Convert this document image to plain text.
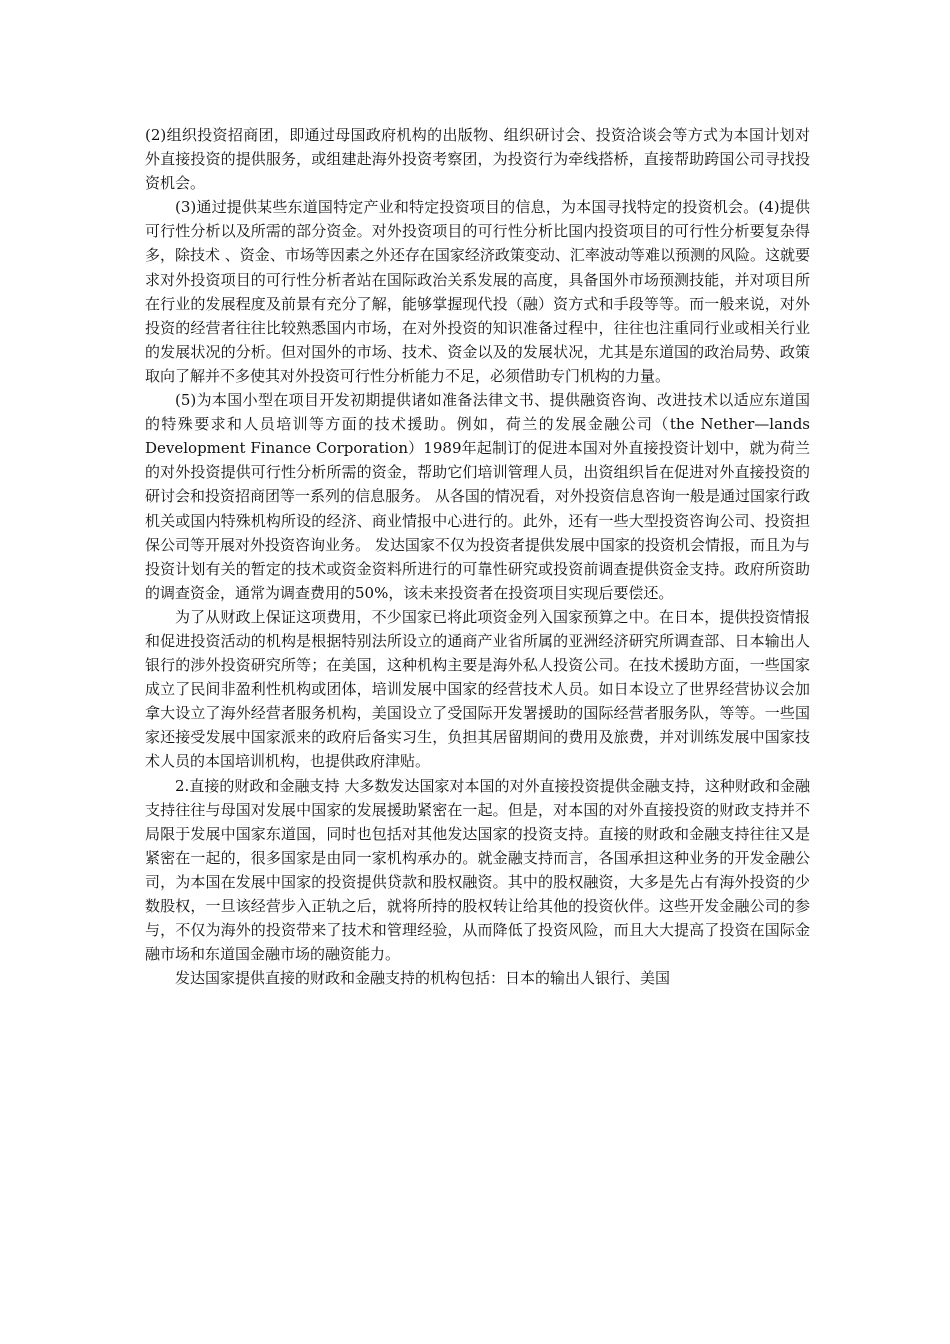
(2)组织投资招商团，即通过母国政府机构的出版物、组织研讨会、投资洽谈会等方式为本国计划对外直接投资的提供服务，或组建赴海外投资考察团，为投资行为牵线搭桥，直接帮助跨国公司寻找投资机会。

(3)通过提供某些东道国特定产业和特定投资项目的信息，为本国寻找特定的投资机会。(4)提供可行性分析以及所需的部分资金。对外投资项目的可行性分析比国内投资项目的可行性分析要复杂得多，除技术 、资金、市场等因素之外还存在国家经济政策变动、汇率波动等难以预测的风险。这就要求对外投资项目的可行性分析者站在国际政治关系发展的高度，具备国外市场预测技能，并对项目所在行业的发展程度及前景有充分了解，能够掌握现代投（融）资方式和手段等等。而一般来说，对外投资的经营者往往比较熟悉国内市场，在对外投资的知识准备过程中，往往也注重同行业或相关行业的发展状况的分析。但对国外的市场、技术、资金以及的发展状况，尤其是东道国的政治局势、政策取向了解并不多使其对外投资可行性分析能力不足，必须借助专门机构的力量。

(5)为本国小型在项目开发初期提供诸如准备法律文书、提供融资咨询、改进技术以适应东道国的特殊要求和人员培训等方面的技术援助。例如，荷兰的发展金融公司（the Nether—lands Development Finance Corporation）1989年起制订的促进本国对外直接投资计划中，就为荷兰的对外投资提供可行性分析所需的资金，帮助它们培训管理人员，出资组织旨在促进对外直接投资的研讨会和投资招商团等一系列的信息服务。 从各国的情况看，对外投资信息咨询一般是通过国家行政机关或国内特殊机构所设的经济、商业情报中心进行的。此外，还有一些大型投资咨询公司、投资担保公司等开展对外投资咨询业务。 发达国家不仅为投资者提供发展中国家的投资机会情报，而且为与投资计划有关的暂定的技术或资金资料所进行的可靠性研究或投资前调查提供资金支持。政府所资助的调查资金，通常为调查费用的50%，该未来投资者在投资项目实现后要偿还。

为了从财政上保证这项费用，不少国家已将此项资金列入国家预算之中。在日本，提供投资情报和促进投资活动的机构是根据特别法所设立的通商产业省所属的亚洲经济研究所调查部、日本输出人银行的涉外投资研究所等；在美国，这种机构主要是海外私人投资公司。在技术援助方面，一些国家成立了民间非盈利性机构或团体，培训发展中国家的经营技术人员。如日本设立了世界经营协议会加拿大设立了海外经营者服务机构，美国设立了受国际开发署援助的国际经营者服务队，等等。一些国家还接受发展中国家派来的政府后备实习生，负担其居留期间的费用及旅费，并对训练发展中国家技术人员的本国培训机构，也提供政府津贴。

2.直接的财政和金融支持 大多数发达国家对本国的对外直接投资提供金融支持，这种财政和金融支持往往与母国对发展中国家的发展援助紧密在一起。但是，对本国的对外直接投资的财政支持并不局限于发展中国家东道国，同时也包括对其他发达国家的投资支持。直接的财政和金融支持往往又是紧密在一起的，很多国家是由同一家机构承办的。就金融支持而言，各国承担这种业务的开发金融公司，为本国在发展中国家的投资提供贷款和股权融资。其中的股权融资，大多是先占有海外投资的少数股权，一旦该经营步入正轨之后，就将所持的股权转让给其他的投资伙伴。这些开发金融公司的参与，不仅为海外的投资带来了技术和管理经验，从而降低了投资风险，而且大大提高了投资在国际金融市场和东道国金融市场的融资能力。

发达国家提供直接的财政和金融支持的机构包括：日本的输出人银行、美国
